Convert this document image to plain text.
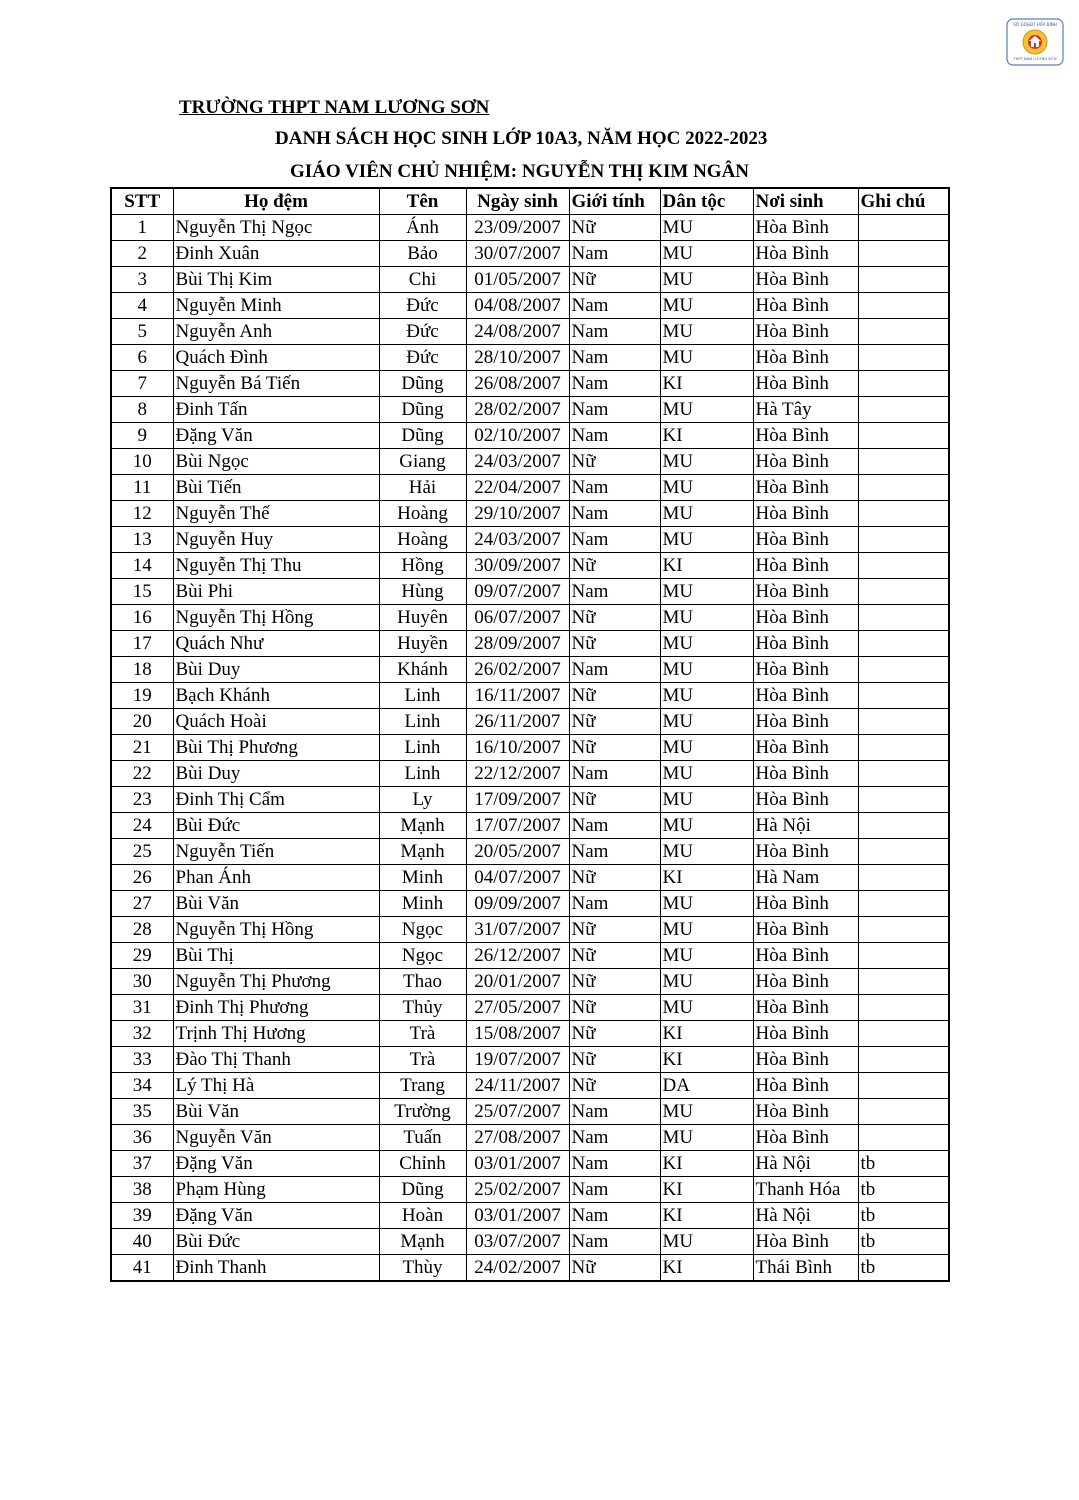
SỞ GD&ĐT HÒA BÌNH
THPT NAM LƯƠNG SƠN
TRƯỜNG THPT NAM LƯƠNG SƠN
DANH SÁCH HỌC SINH LỚP 10A3, NĂM HỌC 2022-2023
GIÁO VIÊN CHỦ NHIỆM: NGUYỄN THỊ KIM NGÂN
STT	Họ đệm	Tên	Ngày sinh	Giới tính	Dân tộc	Nơi sinh	Ghi chú
1	Nguyễn Thị Ngọc	Ánh	23/09/2007	Nữ	MU	Hòa Bình	
2	Đinh Xuân	Bảo	30/07/2007	Nam	MU	Hòa Bình	
3	Bùi Thị Kim	Chi	01/05/2007	Nữ	MU	Hòa Bình	
4	Nguyễn Minh	Đức	04/08/2007	Nam	MU	Hòa Bình	
5	Nguyễn Anh	Đức	24/08/2007	Nam	MU	Hòa Bình	
6	Quách Đình	Đức	28/10/2007	Nam	MU	Hòa Bình	
7	Nguyễn Bá Tiến	Dũng	26/08/2007	Nam	KI	Hòa Bình	
8	Đinh Tấn	Dũng	28/02/2007	Nam	MU	Hà Tây	
9	Đặng Văn	Dũng	02/10/2007	Nam	KI	Hòa Bình	
10	Bùi Ngọc	Giang	24/03/2007	Nữ	MU	Hòa Bình	
11	Bùi Tiến	Hải	22/04/2007	Nam	MU	Hòa Bình	
12	Nguyễn Thế	Hoàng	29/10/2007	Nam	MU	Hòa Bình	
13	Nguyễn Huy	Hoàng	24/03/2007	Nam	MU	Hòa Bình	
14	Nguyễn Thị Thu	Hồng	30/09/2007	Nữ	KI	Hòa Bình	
15	Bùi Phi	Hùng	09/07/2007	Nam	MU	Hòa Bình	
16	Nguyễn Thị Hồng	Huyên	06/07/2007	Nữ	MU	Hòa Bình	
17	Quách Như	Huyền	28/09/2007	Nữ	MU	Hòa Bình	
18	Bùi Duy	Khánh	26/02/2007	Nam	MU	Hòa Bình	
19	Bạch Khánh	Linh	16/11/2007	Nữ	MU	Hòa Bình	
20	Quách Hoài	Linh	26/11/2007	Nữ	MU	Hòa Bình	
21	Bùi Thị Phương	Linh	16/10/2007	Nữ	MU	Hòa Bình	
22	Bùi Duy	Linh	22/12/2007	Nam	MU	Hòa Bình	
23	Đinh Thị Cẩm	Ly	17/09/2007	Nữ	MU	Hòa Bình	
24	Bùi Đức	Mạnh	17/07/2007	Nam	MU	Hà Nội	
25	Nguyễn Tiến	Mạnh	20/05/2007	Nam	MU	Hòa Bình	
26	Phan Ánh	Minh	04/07/2007	Nữ	KI	Hà Nam	
27	Bùi Văn	Minh	09/09/2007	Nam	MU	Hòa Bình	
28	Nguyễn Thị Hồng	Ngọc	31/07/2007	Nữ	MU	Hòa Bình	
29	Bùi Thị	Ngọc	26/12/2007	Nữ	MU	Hòa Bình	
30	Nguyễn Thị Phương	Thao	20/01/2007	Nữ	MU	Hòa Bình	
31	Đinh Thị Phương	Thủy	27/05/2007	Nữ	MU	Hòa Bình	
32	Trịnh Thị Hương	Trà	15/08/2007	Nữ	KI	Hòa Bình	
33	Đào Thị Thanh	Trà	19/07/2007	Nữ	KI	Hòa Bình	
34	Lý Thị Hà	Trang	24/11/2007	Nữ	DA	Hòa Bình	
35	Bùi Văn	Trường	25/07/2007	Nam	MU	Hòa Bình	
36	Nguyễn Văn	Tuấn	27/08/2007	Nam	MU	Hòa Bình	
37	Đặng Văn	Chỉnh	03/01/2007	Nam	KI	Hà Nội	tb
38	Phạm Hùng	Dũng	25/02/2007	Nam	KI	Thanh Hóa	tb
39	Đặng Văn	Hoàn	03/01/2007	Nam	KI	Hà Nội	tb
40	Bùi Đức	Mạnh	03/07/2007	Nam	MU	Hòa Bình	tb
41	Đinh Thanh	Thùy	24/02/2007	Nữ	KI	Thái Bình	tb
